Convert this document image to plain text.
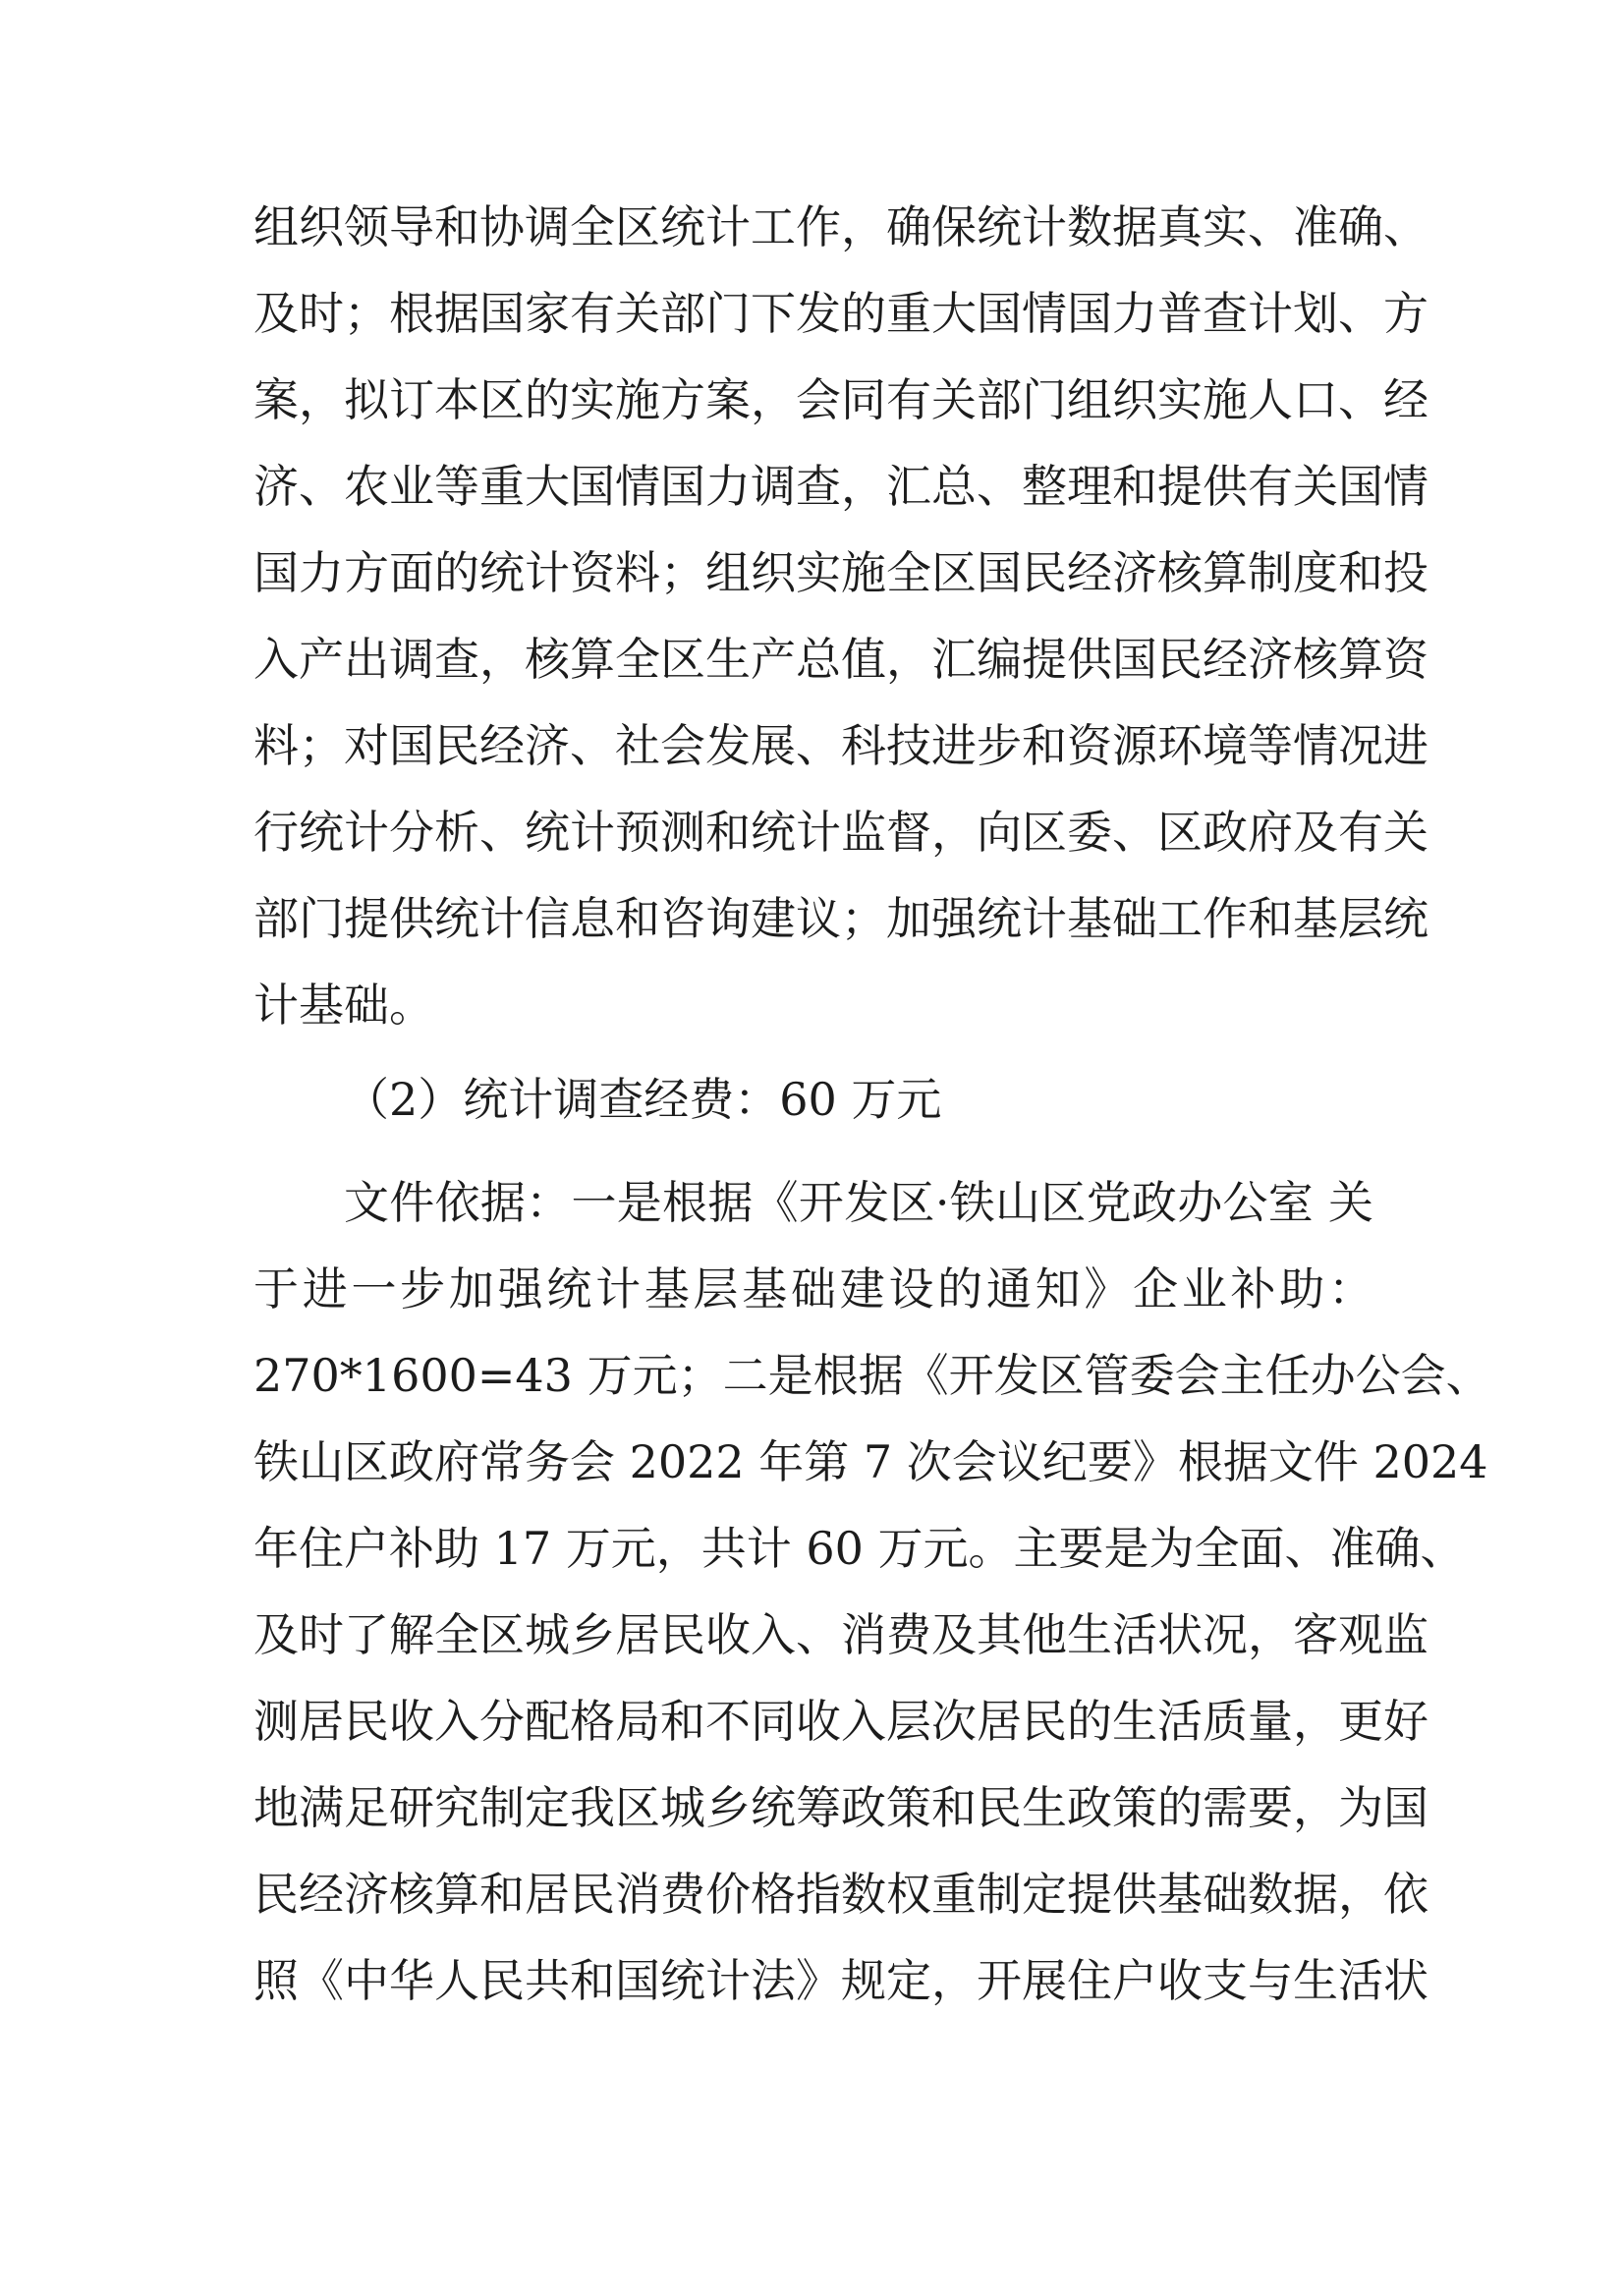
组织领导和协调全区统计工作，确保统计数据真实、准确、
及时；根据国家有关部门下发的重大国情国力普查计划、方
案，拟订本区的实施方案，会同有关部门组织实施人口、经
济、农业等重大国情国力调查，汇总、整理和提供有关国情
国力方面的统计资料；组织实施全区国民经济核算制度和投
入产出调查，核算全区生产总值，汇编提供国民经济核算资
料；对国民经济、社会发展、科技进步和资源环境等情况进
行统计分析、统计预测和统计监督，向区委、区政府及有关
部门提供统计信息和咨询建议；加强统计基础工作和基层统
计基础。
（2）统计调查经费：60 万元
文件依据：一是根据《开发区·铁山区党政办公室 关
于进一步加强统计基层基础建设的通知》企业补助：
270*1600=43 万元；二是根据《开发区管委会主任办公会、
铁山区政府常务会 2022 年第 7 次会议纪要》根据文件 2024
年住户补助 17 万元，共计 60 万元。主要是为全面、准确、
及时了解全区城乡居民收入、消费及其他生活状况，客观监
测居民收入分配格局和不同收入层次居民的生活质量，更好
地满足研究制定我区城乡统筹政策和民生政策的需要，为国
民经济核算和居民消费价格指数权重制定提供基础数据，依
照《中华人民共和国统计法》规定，开展住户收支与生活状
